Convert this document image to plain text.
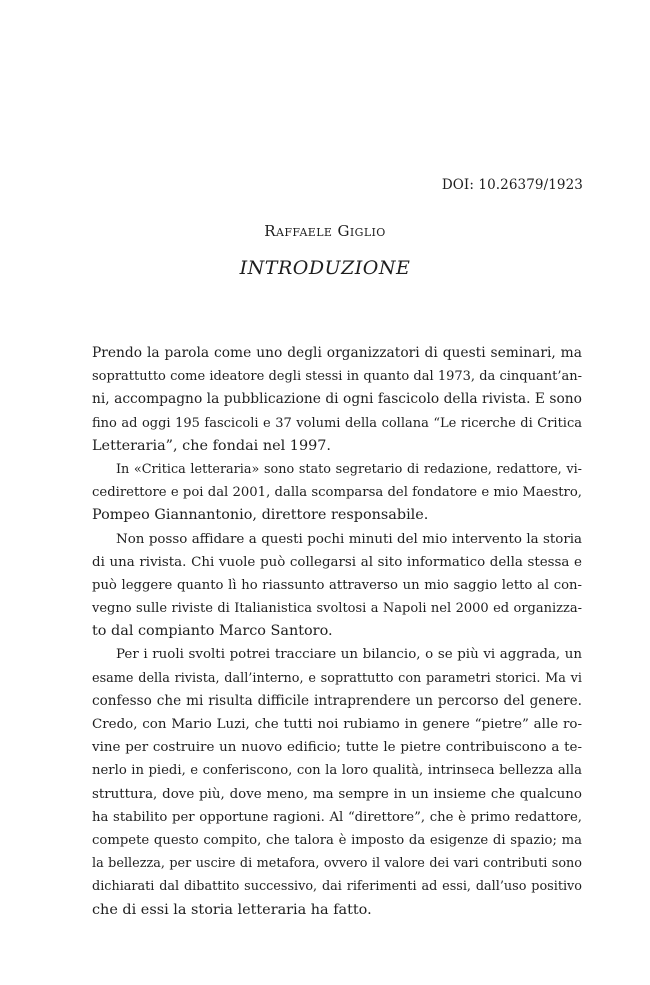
DOI: 10.26379/1923
Raffaele Giglio
INTRODUZIONE
Prendo la parola come uno degli organizzatori di questi seminari, ma
soprattutto come ideatore degli stessi in quanto dal 1973, da cinquant’an-
ni, accompagno la pubblicazione di ogni fascicolo della rivista. E sono
fino ad oggi 195 fascicoli e 37 volumi della collana “Le ricerche di Critica
Letteraria”, che fondai nel 1997.
In «Critica letteraria» sono stato segretario di redazione, redattore, vi-
cedirettore e poi dal 2001, dalla scomparsa del fondatore e mio Maestro,
Pompeo Giannantonio, direttore responsabile.
Non posso affidare a questi pochi minuti del mio intervento la storia
di una rivista. Chi vuole può collegarsi al sito informatico della stessa e
può leggere quanto lì ho riassunto attraverso un mio saggio letto al con-
vegno sulle riviste di Italianistica svoltosi a Napoli nel 2000 ed organizza-
to dal compianto Marco Santoro.
Per i ruoli svolti potrei tracciare un bilancio, o se più vi aggrada, un
esame della rivista, dall’interno, e soprattutto con parametri storici. Ma vi
confesso che mi risulta difficile intraprendere un percorso del genere.
Credo, con Mario Luzi, che tutti noi rubiamo in genere “pietre” alle ro-
vine per costruire un nuovo edificio; tutte le pietre contribuiscono a te-
nerlo in piedi, e conferiscono, con la loro qualità, intrinseca bellezza alla
struttura, dove più, dove meno, ma sempre in un insieme che qualcuno
ha stabilito per opportune ragioni. Al “direttore”, che è primo redattore,
compete questo compito, che talora è imposto da esigenze di spazio; ma
la bellezza, per uscire di metafora, ovvero il valore dei vari contributi sono
dichiarati dal dibattito successivo, dai riferimenti ad essi, dall’uso positivo
che di essi la storia letteraria ha fatto.
